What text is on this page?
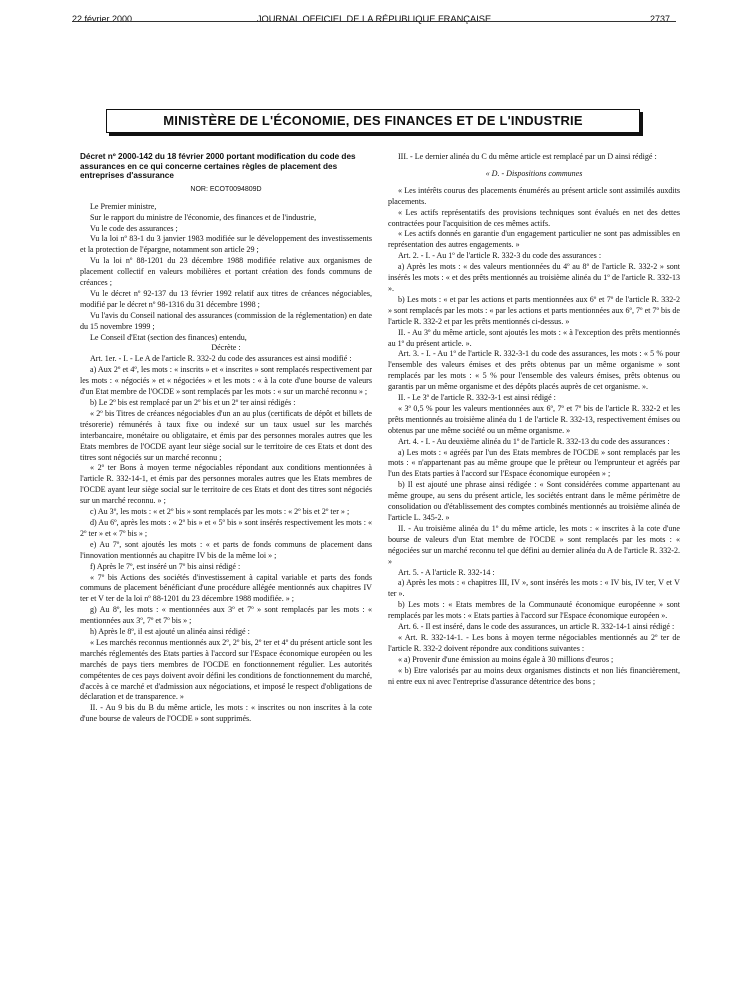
22 février 2000	JOURNAL OFFICIEL DE LA RÉPUBLIQUE FRANÇAISE	2737
MINISTÈRE DE L'ÉCONOMIE, DES FINANCES ET DE L'INDUSTRIE

Décret nº 2000-142 du 18 février 2000 portant modification du code des assurances en ce qui concerne certaines règles de placement des entreprises d'assurance

NOR: ECOT0094809D

Le Premier ministre,

Sur le rapport du ministre de l'économie, des finances et de l'industrie,

Vu le code des assurances ;

Vu la loi nº 83-1 du 3 janvier 1983 modifiée sur le développement des investissements et la protection de l'épargne, notamment son article 29 ;

Vu la loi nº 88-1201 du 23 décembre 1988 modifiée relative aux organismes de placement collectif en valeurs mobilières et portant création des fonds communs de créances ;

Vu le décret nº 92-137 du 13 février 1992 relatif aux titres de créances négociables, modifié par le décret nº 98-1316 du 31 décembre 1998 ;

Vu l'avis du Conseil national des assurances (commission de la réglementation) en date du 15 novembre 1999 ;

Le Conseil d'Etat (section des finances) entendu,

Décrète :

Art. 1er. - I. - Le A de l'article R. 332-2 du code des assurances est ainsi modifié :

a) Aux 2º et 4º, les mots : « inscrits » et « inscrites » sont remplacés respectivement par les mots : « négociés » et « négociées » et les mots : « à la cote d'une bourse de valeurs d'un Etat membre de l'OCDE » sont remplacés par les mots : « sur un marché reconnu » ;

b) Le 2º bis est remplacé par un 2º bis et un 2º ter ainsi rédigés :

« 2º bis Titres de créances négociables d'un an au plus (certificats de dépôt et billets de trésorerie) rémunérés à taux fixe ou indexé sur un taux usuel sur les marchés interbancaire, monétaire ou obligataire, et émis par des personnes morales autres que les Etats membres de l'OCDE ayant leur siège social sur le territoire de ces Etats et dont des titres sont négociés sur un marché reconnu ;

« 2º ter Bons à moyen terme négociables répondant aux conditions mentionnées à l'article R. 332-14-1, et émis par des personnes morales autres que les Etats membres de l'OCDE ayant leur siège social sur le territoire de ces Etats et dont des titres sont négociés sur un marché reconnu. » ;

c) Au 3º, les mots : « et 2º bis » sont remplacés par les mots : « 2º bis et 2º ter » ;

d) Au 6º, après les mots : « 2º bis » et « 5º bis » sont insérés respectivement les mots : « 2º ter » et « 7º bis » ;

e) Au 7º, sont ajoutés les mots : « et parts de fonds communs de placement dans l'innovation mentionnés au chapitre IV bis de la même loi » ;

f) Après le 7º, est inséré un 7º bis ainsi rédigé :

« 7º bis Actions des sociétés d'investissement à capital variable et parts des fonds communs de placement bénéficiant d'une procédure allégée mentionnés aux chapitres IV ter et V ter de la loi nº 88-1201 du 23 décembre 1988 modifiée. » ;

g) Au 8º, les mots : « mentionnées aux 3º et 7º » sont remplacés par les mots : « mentionnées aux 3º, 7º et 7º bis » ;

h) Après le 8º, il est ajouté un alinéa ainsi rédigé :

« Les marchés reconnus mentionnés aux 2º, 2º bis, 2º ter et 4º du présent article sont les marchés réglementés des Etats parties à l'accord sur l'Espace économique européen ou les marchés de pays tiers membres de l'OCDE en fonctionnement régulier. Les autorités compétentes de ces pays doivent avoir défini les conditions de fonctionnement du marché, d'accès à ce marché et d'admission aux négociations, et imposé le respect d'obligations de déclaration et de transparence. »

II. - Au 9 bis du B du même article, les mots : « inscrites ou non inscrites à la cote d'une bourse de valeurs de l'OCDE » sont supprimés.

III. - Le dernier alinéa du C du même article est remplacé par un D ainsi rédigé :

« D. - Dispositions communes

« Les intérêts courus des placements énumérés au présent article sont assimilés auxdits placements.

« Les actifs représentatifs des provisions techniques sont évalués en net des dettes contractées pour l'acquisition de ces mêmes actifs.

« Les actifs donnés en garantie d'un engagement particulier ne sont pas admissibles en représentation des autres engagements. »

Art. 2. - I. - Au 1º de l'article R. 332-3 du code des assurances :

a) Après les mots : « des valeurs mentionnées du 4º au 8º de l'article R. 332-2 » sont insérés les mots : « et des prêts mentionnés au troisième alinéa du 1º de l'article R. 332-13 ».

b) Les mots : « et par les actions et parts mentionnées aux 6º et 7º de l'article R. 332-2 » sont remplacés par les mots : « par les actions et parts mentionnées aux 6º, 7º et 7º bis de l'article R. 332-2 et par les prêts mentionnés ci-dessus. »

II. - Au 3º du même article, sont ajoutés les mots : « à l'exception des prêts mentionnés au 1º du présent article. ».

Art. 3. - I. - Au 1º de l'article R. 332-3-1 du code des assurances, les mots : « 5 % pour l'ensemble des valeurs émises et des prêts obtenus par un même organisme » sont remplacés par les mots : « 5 % pour l'ensemble des valeurs émises, prêts obtenus ou garantis par un même organisme et des dépôts placés auprès de cet organisme. ».

II. - Le 3º de l'article R. 332-3-1 est ainsi rédigé :

« 3º 0,5 % pour les valeurs mentionnées aux 6º, 7º et 7º bis de l'article R. 332-2 et les prêts mentionnés au troisième alinéa du 1 de l'article R. 332-13, respectivement émises ou obtenus par une même société ou un même organisme. »

Art. 4. - I. - Au deuxième alinéa du 1º de l'article R. 332-13 du code des assurances :

a) Les mots : « agréés par l'un des Etats membres de l'OCDE » sont remplacés par les mots : « n'appartenant pas au même groupe que le prêteur ou l'emprunteur et agréés par l'un des Etats parties à l'accord sur l'Espace économique européen » ;

b) Il est ajouté une phrase ainsi rédigée : « Sont considérées comme appartenant au même groupe, au sens du présent article, les sociétés entrant dans le même périmètre de consolidation ou d'établissement des comptes combinés mentionnés au troisième alinéa de l'article L. 345-2. »

II. - Au troisième alinéa du 1º du même article, les mots : « inscrites à la cote d'une bourse de valeurs d'un Etat membre de l'OCDE » sont remplacés par les mots : « négociées sur un marché reconnu tel que défini au dernier alinéa du A de l'article R. 332-2. »

Art. 5. - A l'article R. 332-14 :

a) Après les mots : « chapitres III, IV », sont insérés les mots : « IV bis, IV ter, V et V ter ».

b) Les mots : « Etats membres de la Communauté économique européenne » sont remplacés par les mots : « Etats parties à l'accord sur l'Espace économique européen ».

Art. 6. - Il est inséré, dans le code des assurances, un article R. 332-14-1 ainsi rédigé :

« Art. R. 332-14-1. - Les bons à moyen terme négociables mentionnés au 2º ter de l'article R. 332-2 doivent répondre aux conditions suivantes :

« a) Provenir d'une émission au moins égale à 30 millions d'euros ;

« b) Etre valorisés par au moins deux organismes distincts et non liés financièrement, ni entre eux ni avec l'entreprise d'assurance détentrice des bons ;
